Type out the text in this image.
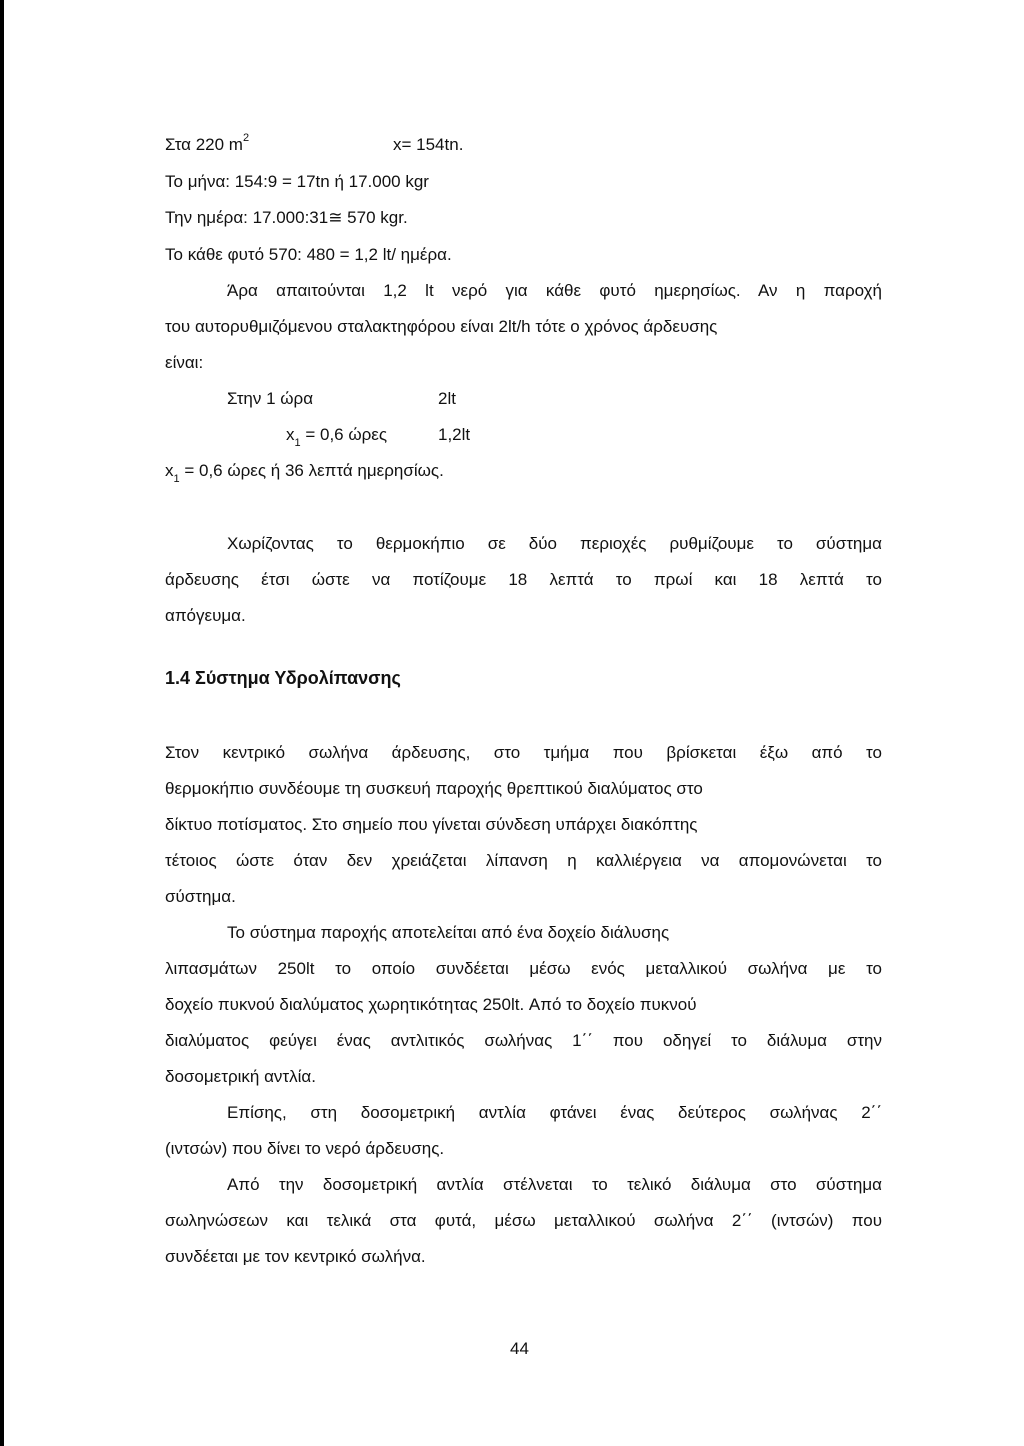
Στα 220 $m^2$	x= 154tn.
Το μήνα: 154:9 = 17tn ή 17.000 kgr
Την ημέρα: 17.000:31≅ 570 kgr.
Το κάθε φυτό 570: 480 = 1,2 lt/ ημέρα.
Άρα απαιτούνται 1,2 lt νερό για κάθε φυτό ημερησίως. Αν η παροχή
του αυτορυθμιζόμενου σταλακτηφόρου είναι 2lt/h τότε ο χρόνος άρδευσης
είναι:
Στην 1 ώρα	2lt
$x_1 = 0,6$ ώρες	1,2lt
$x_1 = 0,6$ ώρες ή 36 λεπτά ημερησίως.
Χωρίζοντας το θερμοκήπιο σε δύο περιοχές ρυθμίζουμε το σύστημα
άρδευσης έτσι ώστε να ποτίζουμε 18 λεπτά το πρωί και 18 λεπτά το
απόγευμα.
1.4 Σύστημα Υδρολίπανσης
Στον κεντρικό σωλήνα άρδευσης, στο τμήμα που βρίσκεται έξω από το
θερμοκήπιο συνδέουμε τη συσκευή παροχής θρεπτικού διαλύματος στο
δίκτυο ποτίσματος. Στο σημείο που γίνεται σύνδεση υπάρχει διακόπτης
τέτοιος ώστε όταν δεν χρειάζεται λίπανση η καλλιέργεια να απομονώνεται το
σύστημα.
Το σύστημα παροχής αποτελείται από ένα δοχείο διάλυσης
λιπασμάτων 250lt το οποίο συνδέεται μέσω ενός μεταλλικού σωλήνα με το
δοχείο πυκνού διαλύματος χωρητικότητας 250lt. Από το δοχείο πυκνού
διαλύματος φεύγει ένας αντλιτικός σωλήνας 1΄΄ που οδηγεί το διάλυμα στην
δοσομετρική αντλία.
Επίσης, στη δοσομετρική αντλία φτάνει ένας δεύτερος σωλήνας 2΄΄
(ιντσών) που δίνει το νερό άρδευσης.
Από την δοσομετρική αντλία στέλνεται το τελικό διάλυμα στο σύστημα
σωληνώσεων και τελικά στα φυτά, μέσω μεταλλικού σωλήνα 2΄΄ (ιντσών) που
συνδέεται με τον κεντρικό σωλήνα.
44
